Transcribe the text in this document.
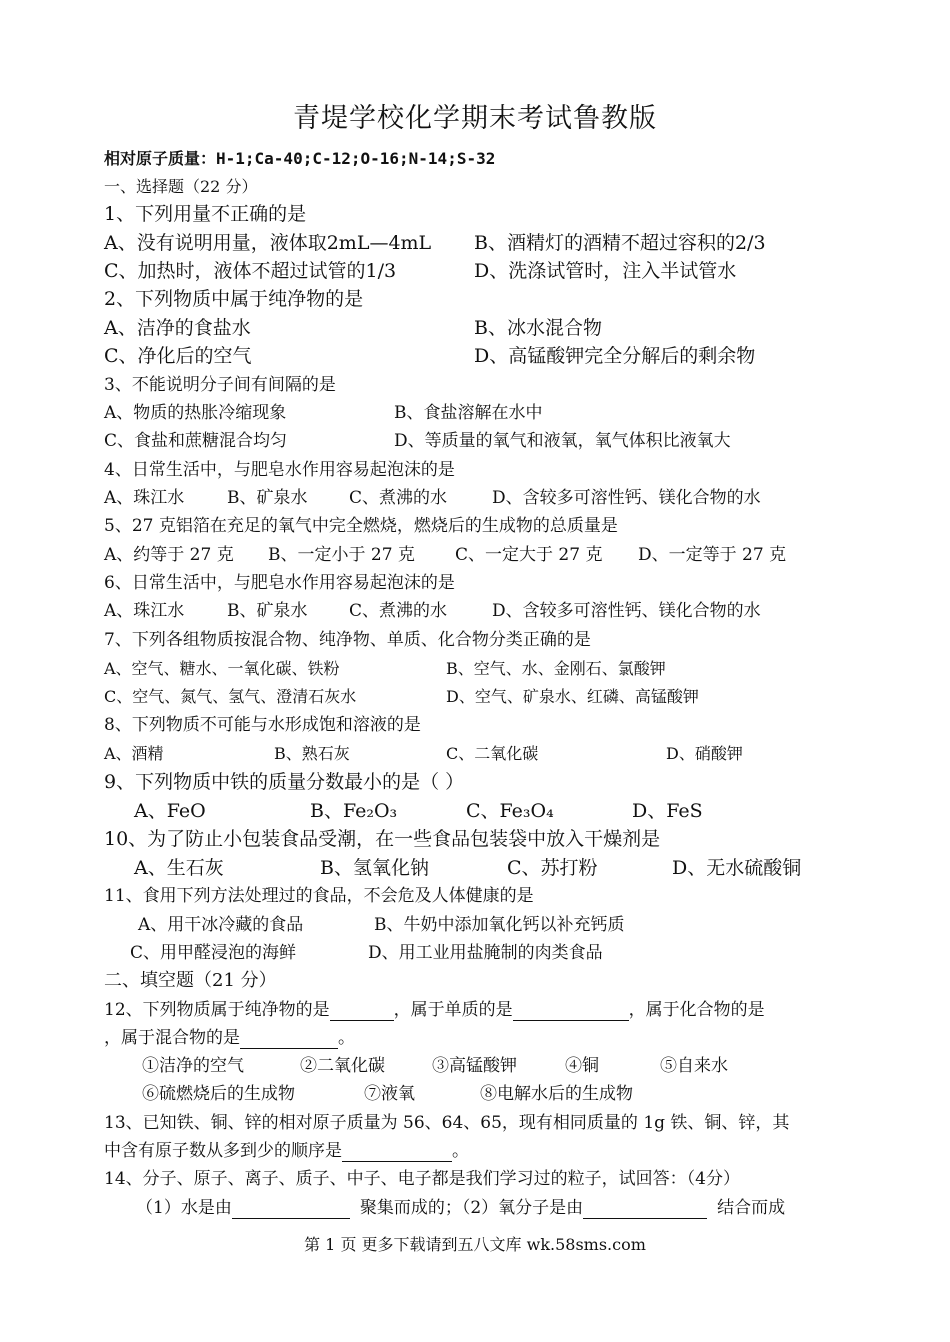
青堤学校化学期末考试鲁教版
相对原子质量：H-1;Ca-40;C-12;O-16;N-14;S-32
一、选择题（22 分）
1、下列用量不正确的是
A、没有说明用量，液体取2mL—4mL B、酒精灯的酒精不超过容积的2/3
C、加热时，液体不超过试管的1/3	D、洗涤试管时，注入半试管水
2、下列物质中属于纯净物的是
A、洁净的食盐水	B、冰水混合物
C、净化后的空气	D、高锰酸钾完全分解后的剩余物
3、不能说明分子间有间隔的是
A、物质的热胀冷缩现象	B、食盐溶解在水中
C、食盐和蔗糖混合均匀	D、等质量的氧气和液氧，氧气体积比液氧大
4、日常生活中，与肥皂水作用容易起泡沫的是
A、珠江水	B、矿泉水 C、煮沸的水	D、含较多可溶性钙、镁化合物的水
5、27 克铝箔在充足的氧气中完全燃烧，燃烧后的生成物的总质量是
A、约等于 27 克 B、一定小于 27 克 C、一定大于 27 克 D、一定等于 27 克
6、日常生活中，与肥皂水作用容易起泡沫的是
A、珠江水	B、矿泉水 C、煮沸的水	D、含较多可溶性钙、镁化合物的水
7、下列各组物质按混合物、纯净物、单质、化合物分类正确的是
A、空气、糖水、一氧化碳、铁粉	B、空气、水、金刚石、氯酸钾
C、空气、氮气、氢气、澄清石灰水	D、空气、矿泉水、红磷、高锰酸钾
8、下列物质不可能与水形成饱和溶液的是
A、酒精	B、熟石灰	C、二氧化碳	D、硝酸钾
9、下列物质中铁的质量分数最小的是（ ）
A、FeO	B、Fe₂O₃	C、Fe₃O₄	D、FeS
10、为了防止小包装食品受潮，在一些食品包装袋中放入干燥剂是
A、生石灰	B、氢氧化钠	C、苏打粉	D、无水硫酸铜
11、食用下列方法处理过的食品，不会危及人体健康的是
A、用干冰冷藏的食品	B、牛奶中添加氧化钙以补充钙质
C、用甲醛浸泡的海鲜	D、用工业用盐腌制的肉类食品
二、填空题（21 分）
12、下列物质属于纯净物的是	，属于单质的是	，属于化合物的是
，属于混合物的是	。
①洁净的空气	②二氧化碳	③高锰酸钾	④铜	⑤自来水
⑥硫燃烧后的生成物	⑦液氧	⑧电解水后的生成物
13、已知铁、铜、锌的相对原子质量为 56、64、65，现有相同质量的 1g 铁、铜、锌，其
中含有原子数从多到少的顺序是	。
14、分子、原子、离子、质子、中子、电子都是我们学习过的粒子，试回答：（4分）
（1）水是由	聚集而成的；（2）氧分子是由	结合而成
第 1 页 更多下载请到五八文库 wk.58sms.com
